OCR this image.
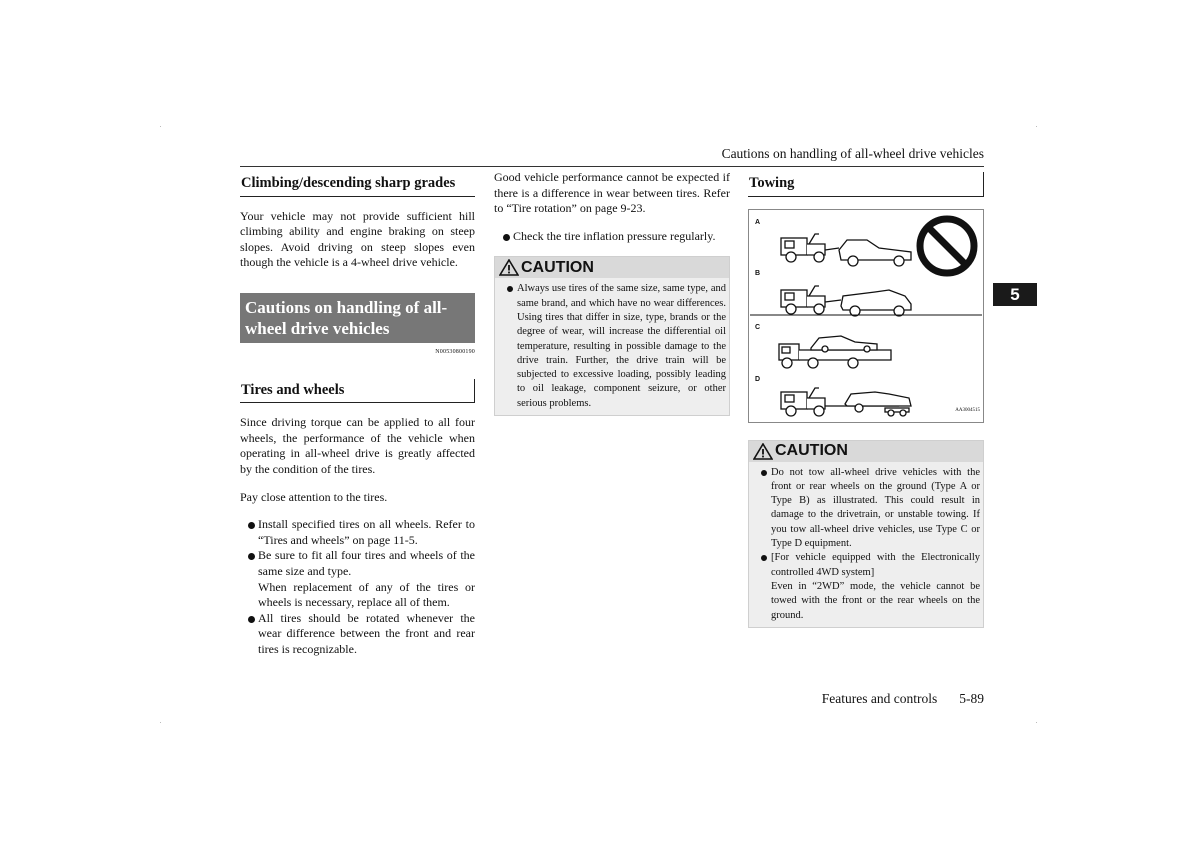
Cautions on handling of all-wheel drive vehicles
5
Climbing/descending sharp grades

Your vehicle may not provide sufficient hill climbing ability and engine braking on steep slopes. Avoid driving on steep slopes even though the vehicle is a 4-wheel drive vehicle.

Cautions on handling of all-wheel drive vehicles
N00530800190
Tires and wheels

Since driving torque can be applied to all four wheels, the performance of the vehicle when operating in all-wheel drive is greatly affected by the condition of the tires.

Pay close attention to the tires.

Install specified tires on all wheels. Refer to “Tires and wheels” on page 11-5.
Be sure to fit all four tires and wheels of the same size and type.
When replacement of any of the tires or wheels is necessary, replace all of them.
All tires should be rotated whenever the wear difference between the front and rear tires is recognizable.

Good vehicle performance cannot be expected if there is a difference in wear between tires. Refer to “Tire rotation” on page 9-23.

Check the tire inflation pressure regularly.
CAUTION
Always use tires of the same size, same type, and same brand, and which have no wear differences. Using tires that differ in size, type, brands or the degree of wear, will increase the differential oil temperature, resulting in possible damage to the drive train. Further, the drive train will be subjected to excessive loading, possibly leading to oil leakage, component seizure, or other serious problems.
Towing
A
B
C
D
AA3004515
CAUTION
Do not tow all-wheel drive vehicles with the front or rear wheels on the ground (Type A or Type B) as illustrated. This could result in damage to the drivetrain, or unstable towing. If you tow all-wheel drive vehicles, use Type C or Type D equipment.
[For vehicle equipped with the Electronically controlled 4WD system]
Even in “2WD” mode, the vehicle cannot be towed with the front or the rear wheels on the ground.
Features and controls 5-89
